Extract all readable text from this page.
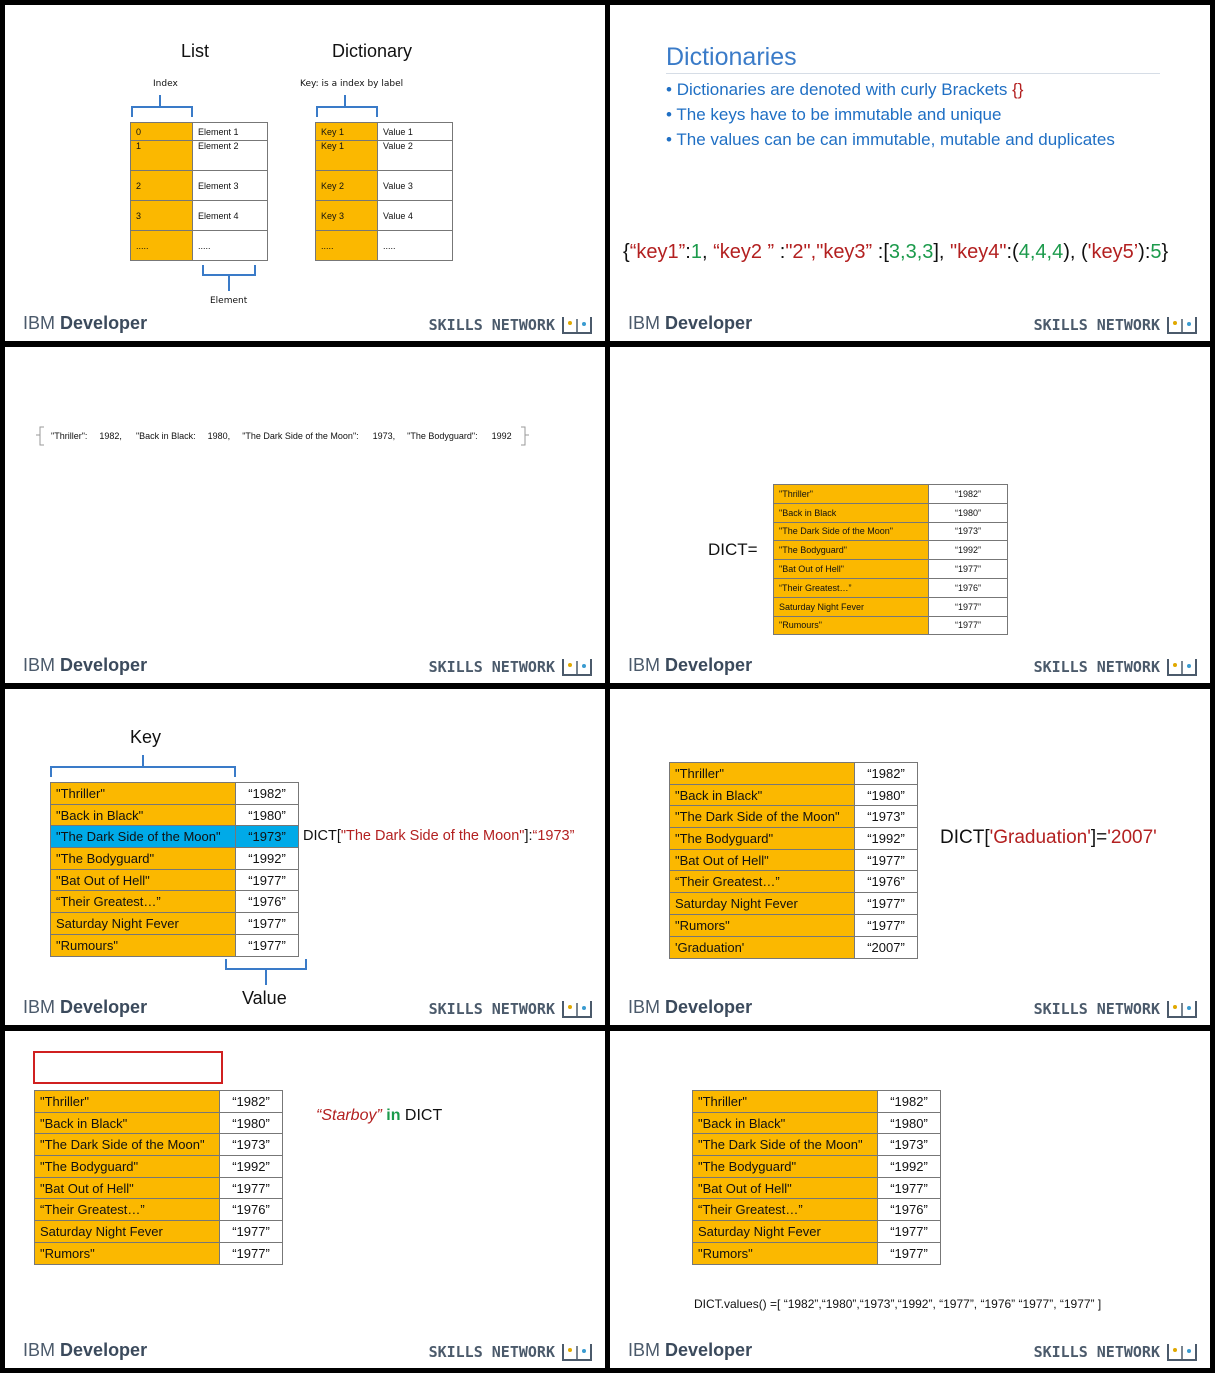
List	Dictionary
Index	Key: is a index by label
0	Element 1
1	Element 2
2	Element 3
3	Element 4
.....	.....
Key 1	Value 1
Key 1	Value 2
Key 2	Value 3
Key 3	Value 4
.....	.....
Element
IBM Developer	SKILLS NETWORK
Dictionaries
• Dictionaries are denoted with curly Brackets {}
• The keys have to be immutable and unique
• The values can be can immutable, mutable and duplicates
{“key1”:1, “key2 ” :"2","key3” :[3,3,3], "key4":(4,4,4), ('key5’):5}
IBM Developer	SKILLS NETWORK
"Thriller": 1982, "Back in Black: 1980, "The Dark Side of the Moon": 1973, "The Bodyguard": 1992
IBM Developer	SKILLS NETWORK
DICT=
"Thriller"	“1982”
"Back in Black	“1980”
"The Dark Side of the Moon"	“1973”
"The Bodyguard"	“1992”
"Bat Out of Hell"	“1977”
“Their Greatest…”	“1976”
Saturday Night Fever	“1977”
"Rumours"	“1977”
IBM Developer	SKILLS NETWORK
Key
"Thriller"	“1982”
"Back in Black"	“1980”
"The Dark Side of the Moon"	“1973”
"The Bodyguard"	“1992”
"Bat Out of Hell"	“1977”
“Their Greatest…”	“1976”
Saturday Night Fever	“1977”
"Rumours"	“1977”
DICT["The Dark Side of the Moon"]:“1973”
Value
IBM Developer	SKILLS NETWORK
"Thriller"	“1982”
"Back in Black"	“1980”
"The Dark Side of the Moon"	“1973”
"The Bodyguard"	“1992”
"Bat Out of Hell"	“1977”
“Their Greatest…”	“1976”
Saturday Night Fever	“1977”
"Rumors"	“1977”
'Graduation'	“2007”
DICT['Graduation']='2007'
IBM Developer	SKILLS NETWORK
"Thriller"	“1982”
"Back in Black"	“1980”
"The Dark Side of the Moon"	“1973”
"The Bodyguard"	“1992”
"Bat Out of Hell"	“1977”
“Their Greatest…”	“1976”
Saturday Night Fever	“1977”
"Rumors"	“1977”
“Starboy” in DICT
IBM Developer	SKILLS NETWORK
"Thriller"	“1982”
"Back in Black"	“1980”
"The Dark Side of the Moon"	“1973”
"The Bodyguard"	“1992”
"Bat Out of Hell"	“1977”
“Their Greatest…”	“1976”
Saturday Night Fever	“1977”
"Rumors"	“1977”
DICT.values() =[ “1982”,“1980”,“1973”,“1992”, “1977”, “1976” “1977”, “1977” ]
IBM Developer	SKILLS NETWORK
